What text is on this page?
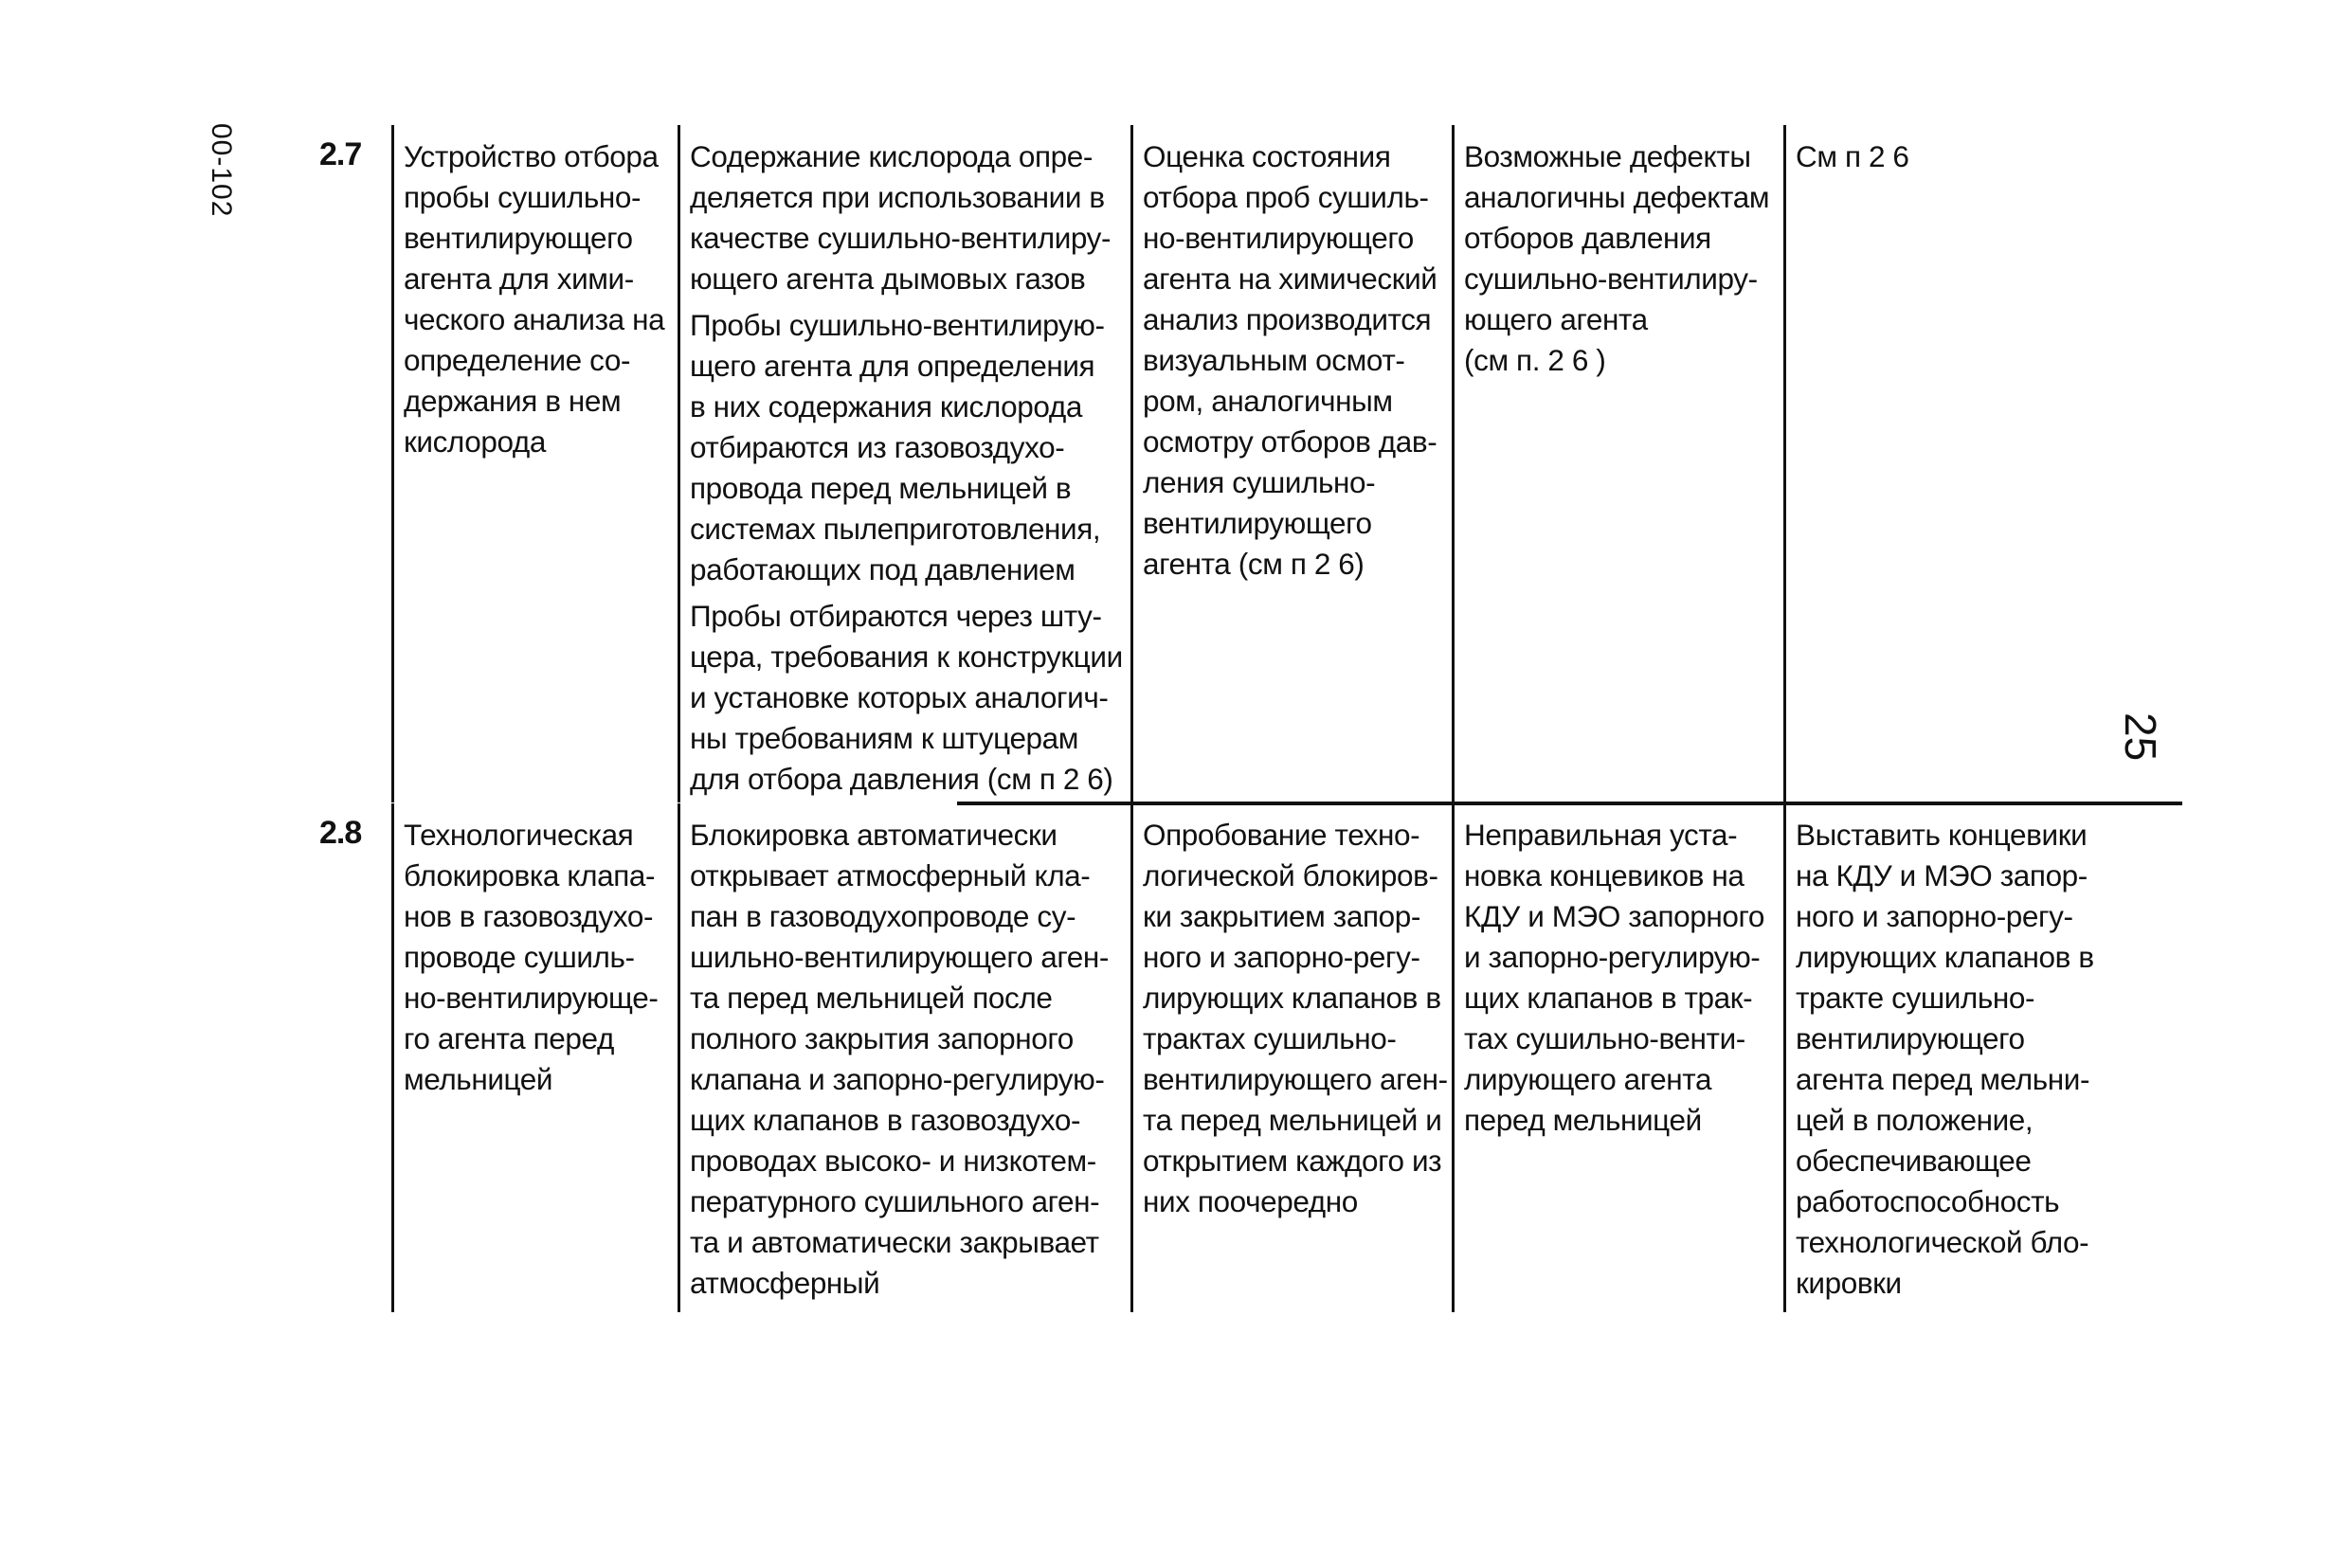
00-102
25
2.7	Устройство отбора
пробы сушильно-
вентилирующего
агента для хими-
ческого анализа на
определение со-
держания в нем
кислорода

Содержание кислорода опре-
деляется при использовании в
качестве сушильно-вентилиру-
ющего агента дымовых газов

Пробы сушильно-вентилирую-
щего агента для определения
в них содержания кислорода
отбираются из газовоздухо-
провода перед мельницей в
системах пылеприготовления,
работающих под давлением

Пробы отбираются через шту-
цера, требования к конструкции
и установке которых аналогич-
ны требованиям к штуцерам
для отбора давления (см п 2 6)

Оценка состояния
отбора проб сушиль-
но-вентилирующего
агента на химический
анализ производится
визуальным осмот-
ром, аналогичным
осмотру отборов дав-
ления сушильно-
вентилирующего
агента (см п 2 6)

Возможные дефекты
аналогичны дефектам
отборов давления
сушильно-вентилиру-
ющего агента
(см п. 2 6 )

См п 2 6

2.8	Технологическая
блокировка клапа-
нов в газовоздухо-
проводе сушиль-
но-вентилирующе-
го агента перед
мельницей

Блокировка автоматически
открывает атмосферный кла-
пан в газоводухопроводе су-
шильно-вентилирующего аген-
та перед мельницей после
полного закрытия запорного
клапана и запорно-регулирую-
щих клапанов в газовоздухо-
проводах высоко- и низкотем-
пературного сушильного аген-
та и автоматически закрывает
атмосферный

Опробование техно-
логической блокиров-
ки закрытием запор-
ного и запорно-регу-
лирующих клапанов в
трактах сушильно-
вентилирующего аген-
та перед мельницей и
открытием каждого из
них поочередно

Неправильная уста-
новка концевиков на
КДУ и МЭО запорного
и запорно-регулирую-
щих клапанов в трак-
тах сушильно-венти-
лирующего агента
перед мельницей

Выставить концевики
на КДУ и МЭО запор-
ного и запорно-регу-
лирующих клапанов в
тракте сушильно-
вентилирующего
агента перед мельни-
цей в положение,
обеспечивающее
работоспособность
технологической бло-
кировки
